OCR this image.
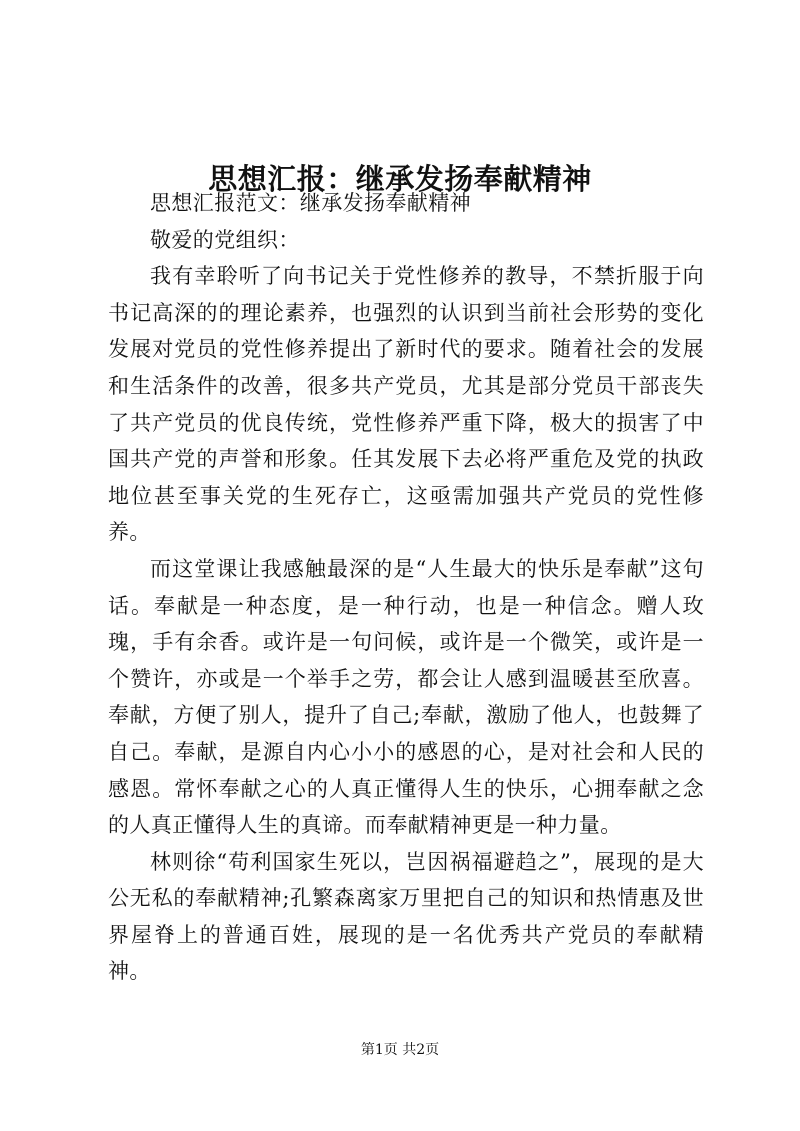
思想汇报：继承发扬奉献精神

思想汇报范文：继承发扬奉献精神

敬爱的党组织：

我有幸聆听了向书记关于党性修养的教导，不禁折服于向书记高深的的理论素养，也强烈的认识到当前社会形势的变化发展对党员的党性修养提出了新时代的要求。随着社会的发展和生活条件的改善，很多共产党员，尤其是部分党员干部丧失了共产党员的优良传统，党性修养严重下降，极大的损害了中国共产党的声誉和形象。任其发展下去必将严重危及党的执政地位甚至事关党的生死存亡，这亟需加强共产党员的党性修养。

而这堂课让我感触最深的是“人生最大的快乐是奉献”这句话。奉献是一种态度，是一种行动，也是一种信念。赠人玫瑰，手有余香。或许是一句问候，或许是一个微笑，或许是一个赞许，亦或是一个举手之劳，都会让人感到温暖甚至欣喜。奉献，方便了别人，提升了自己;奉献，激励了他人，也鼓舞了自己。奉献，是源自内心小小的感恩的心，是对社会和人民的感恩。常怀奉献之心的人真正懂得人生的快乐，心拥奉献之念的人真正懂得人生的真谛。而奉献精神更是一种力量。

林则徐“苟利国家生死以，岂因祸福避趋之”，展现的是大公无私的奉献精神;孔繁森离家万里把自己的知识和热情惠及世界屋脊上的普通百姓，展现的是一名优秀共产党员的奉献精神。

第1页 共2页
